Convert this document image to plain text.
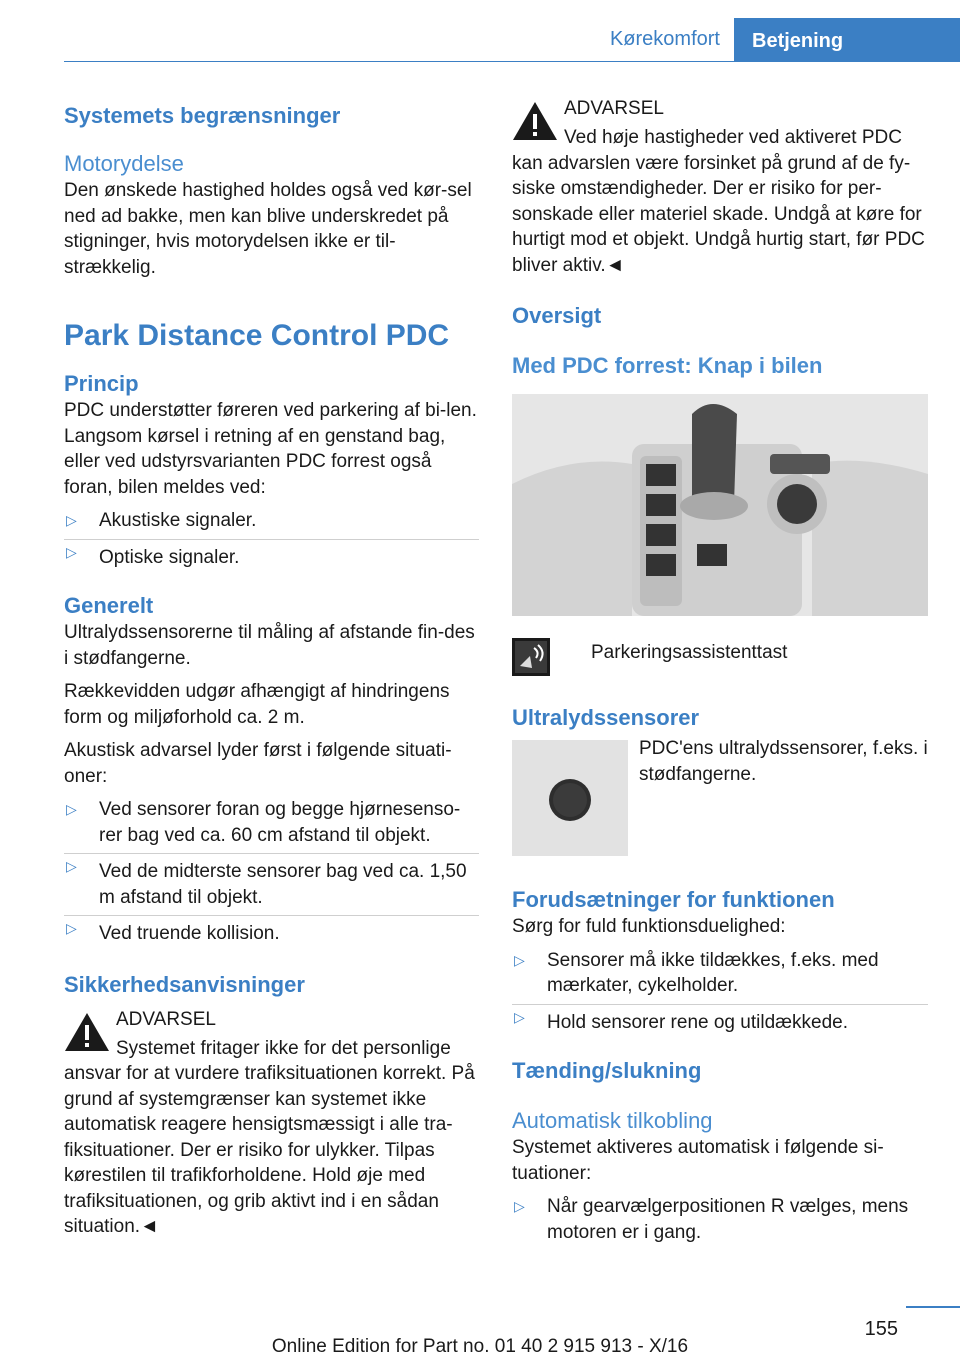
Kørekomfort	Betjening
Systemets begrænsninger
Motorydelse

Den ønskede hastighed holdes også ved kør-sel ned ad bakke, men kan blive underskredet på stigninger, hvis motorydelsen ikke er til-strækkelig.

Park Distance Control PDC
Princip

PDC understøtter føreren ved parkering af bi-len. Langsom kørsel i retning af en genstand bag, eller ved udstyrsvarianten PDC forrest også foran, bilen meldes ved:

▷ Akustiske signaler.
▷ Optiske signaler.
Generelt

Ultralydssensorerne til måling af afstande fin-des i stødfangerne.

Rækkevidden udgør afhængigt af hindringens form og miljøforhold ca. 2 m.

Akustisk advarsel lyder først i følgende situati-oner:

▷ Ved sensorer foran og begge hjørnesenso-rer bag ved ca. 60 cm afstand til objekt.
▷ Ved de midterste sensorer bag ved ca. 1,50 m afstand til objekt.
▷ Ved truende kollision.
Sikkerhedsanvisninger
ADVARSEL

Systemet fritager ikke for det personlige

ansvar for at vurdere trafiksituationen korrekt. På grund af systemgrænser kan systemet ikke automatisk reagere hensigtsmæssigt i alle tra-fiksituationer. Der er risiko for ulykker. Tilpas kørestilen til trafikforholdene. Hold øje med trafiksituationen, og grib aktivt ind i en sådan situation.◄

ADVARSEL

Ved høje hastigheder ved aktiveret PDC

kan advarslen være forsinket på grund af de fy-siske omstændigheder. Der er risiko for per-sonskade eller materiel skade. Undgå at køre for hurtigt mod et objekt. Undgå hurtig start, før PDC bliver aktiv.◄

Oversigt
Med PDC forrest: Knap i bilen

Parkeringsassistenttast

Ultralydssensorer

PDC'ens ultralydssensorer, f.eks. i stødfangerne.

Forudsætninger for funktionen

Sørg for fuld funktionsduelighed:

▷ Sensorer må ikke tildækkes, f.eks. med mærkater, cykelholder.
▷ Hold sensorer rene og utildækkede.
Tænding/slukning
Automatisk tilkobling

Systemet aktiveres automatisk i følgende si-tuationer:

▷ Når gearvælgerpositionen R vælges, mens motoren er i gang.
155
Online Edition for Part no. 01 40 2 915 913 - X/16
